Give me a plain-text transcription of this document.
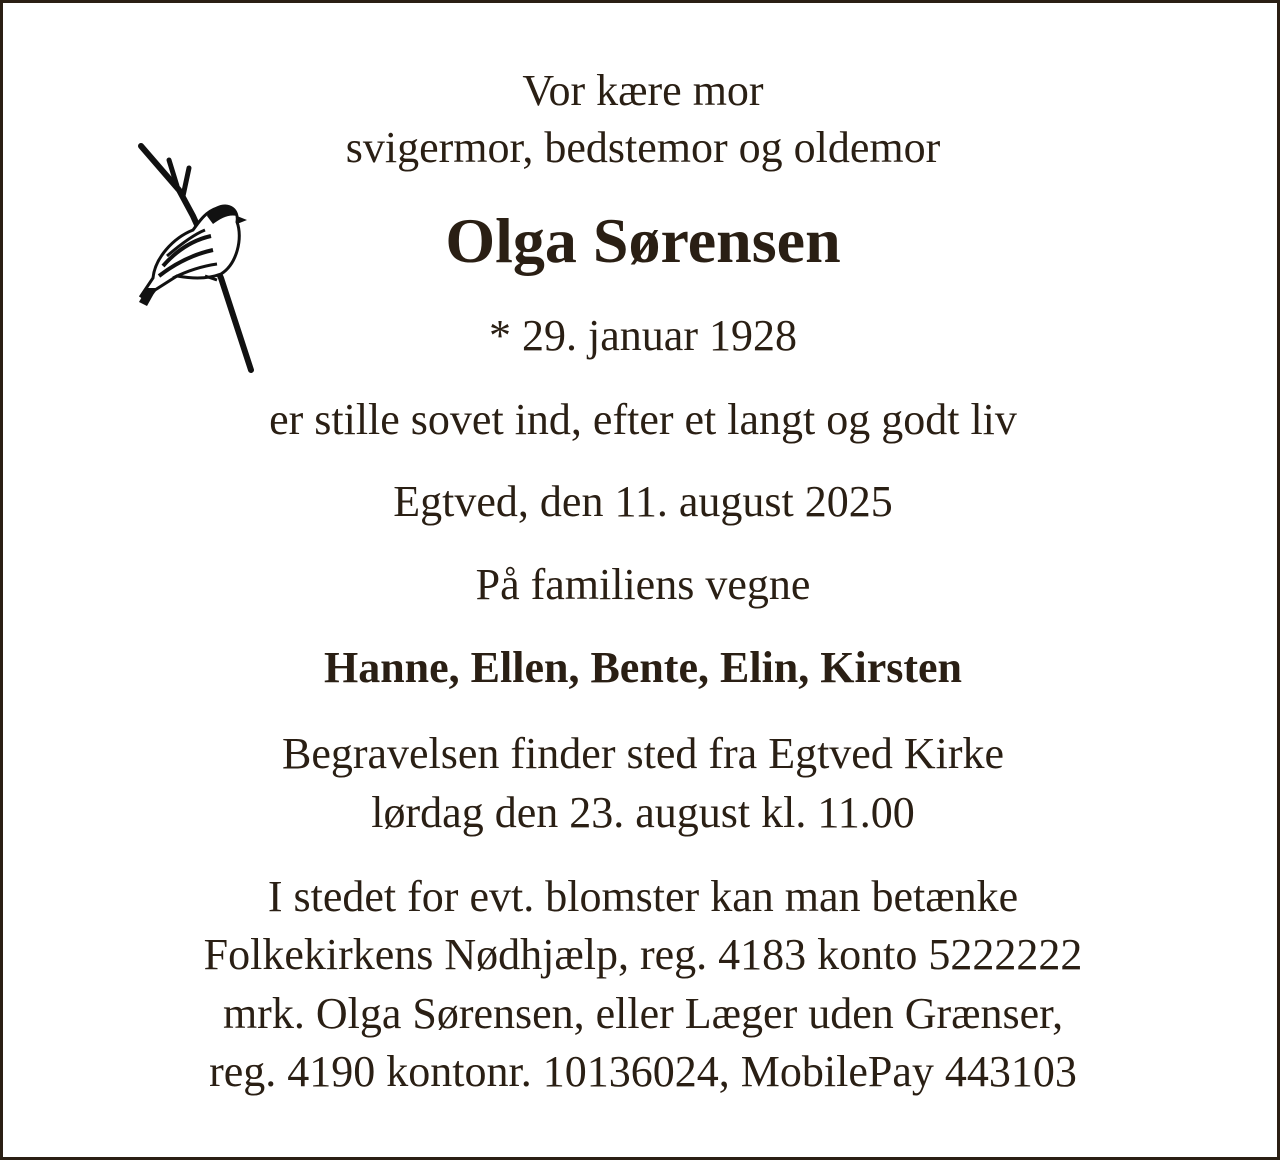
Vor kære mor
svigermor, bedstemor og oldemor
Olga Sørensen
* 29. januar 1928
er stille sovet ind, efter et langt og godt liv
Egtved, den 11. august 2025
På familiens vegne
Hanne, Ellen, Bente, Elin, Kirsten
Begravelsen finder sted fra Egtved Kirke
lørdag den 23. august kl. 11.00
I stedet for evt. blomster kan man betænke
Folkekirkens Nødhjælp, reg. 4183 konto 5222222
mrk. Olga Sørensen, eller Læger uden Grænser,
reg. 4190 kontonr. 10136024, MobilePay 443103
